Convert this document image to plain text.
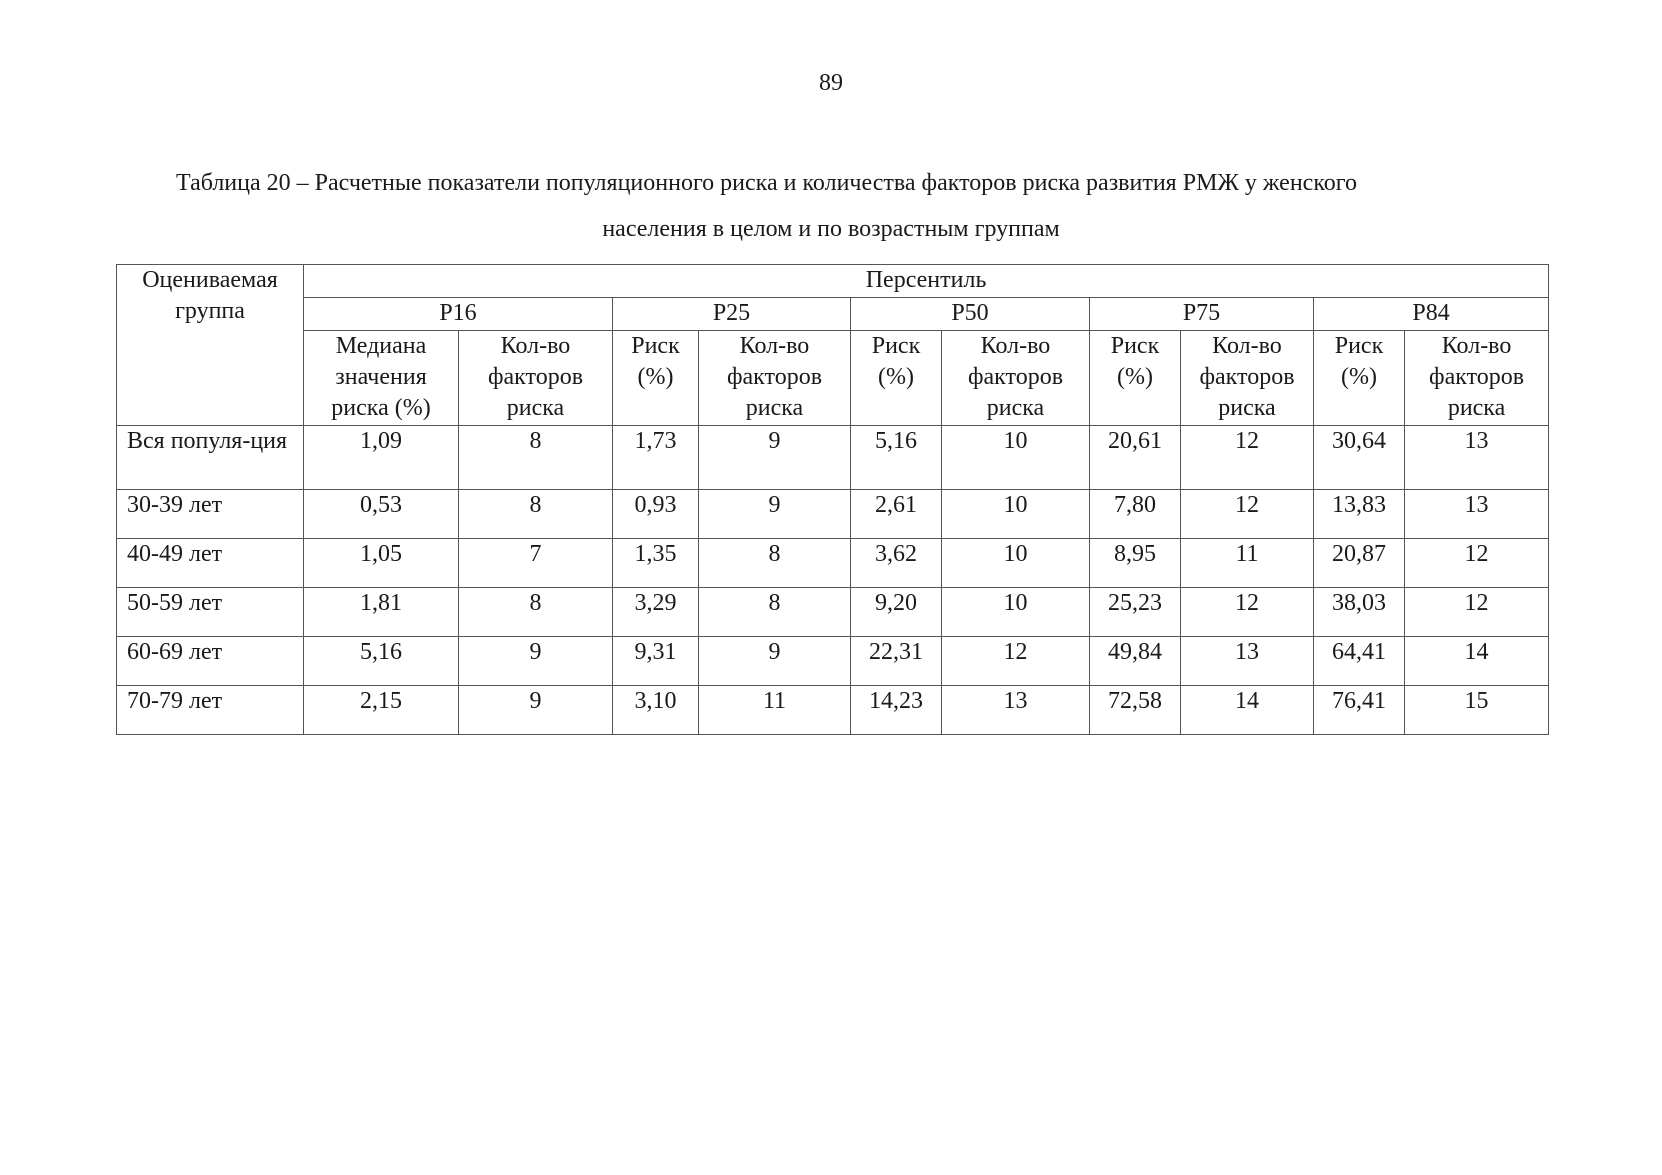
89
Таблица 20 – Расчетные показатели популяционного риска и количества факторов риска развития РМЖ у женского
населения в целом и по возрастным группам
Оцениваемая группа	Персентиль									
	P16		P25		P50		P75		P84	
	Медиана значения риска (%)	Кол-во факторов риска	Риск (%)	Кол-во факторов риска	Риск (%)	Кол-во факторов риска	Риск (%)	Кол-во факторов риска	Риск (%)	Кол-во факторов риска
Вся популя-ция	1,09	8	1,73	9	5,16	10	20,61	12	30,64	13
30-39 лет	0,53	8	0,93	9	2,61	10	7,80	12	13,83	13
40-49 лет	1,05	7	1,35	8	3,62	10	8,95	11	20,87	12
50-59 лет	1,81	8	3,29	8	9,20	10	25,23	12	38,03	12
60-69 лет	5,16	9	9,31	9	22,31	12	49,84	13	64,41	14
70-79 лет	2,15	9	3,10	11	14,23	13	72,58	14	76,41	15
